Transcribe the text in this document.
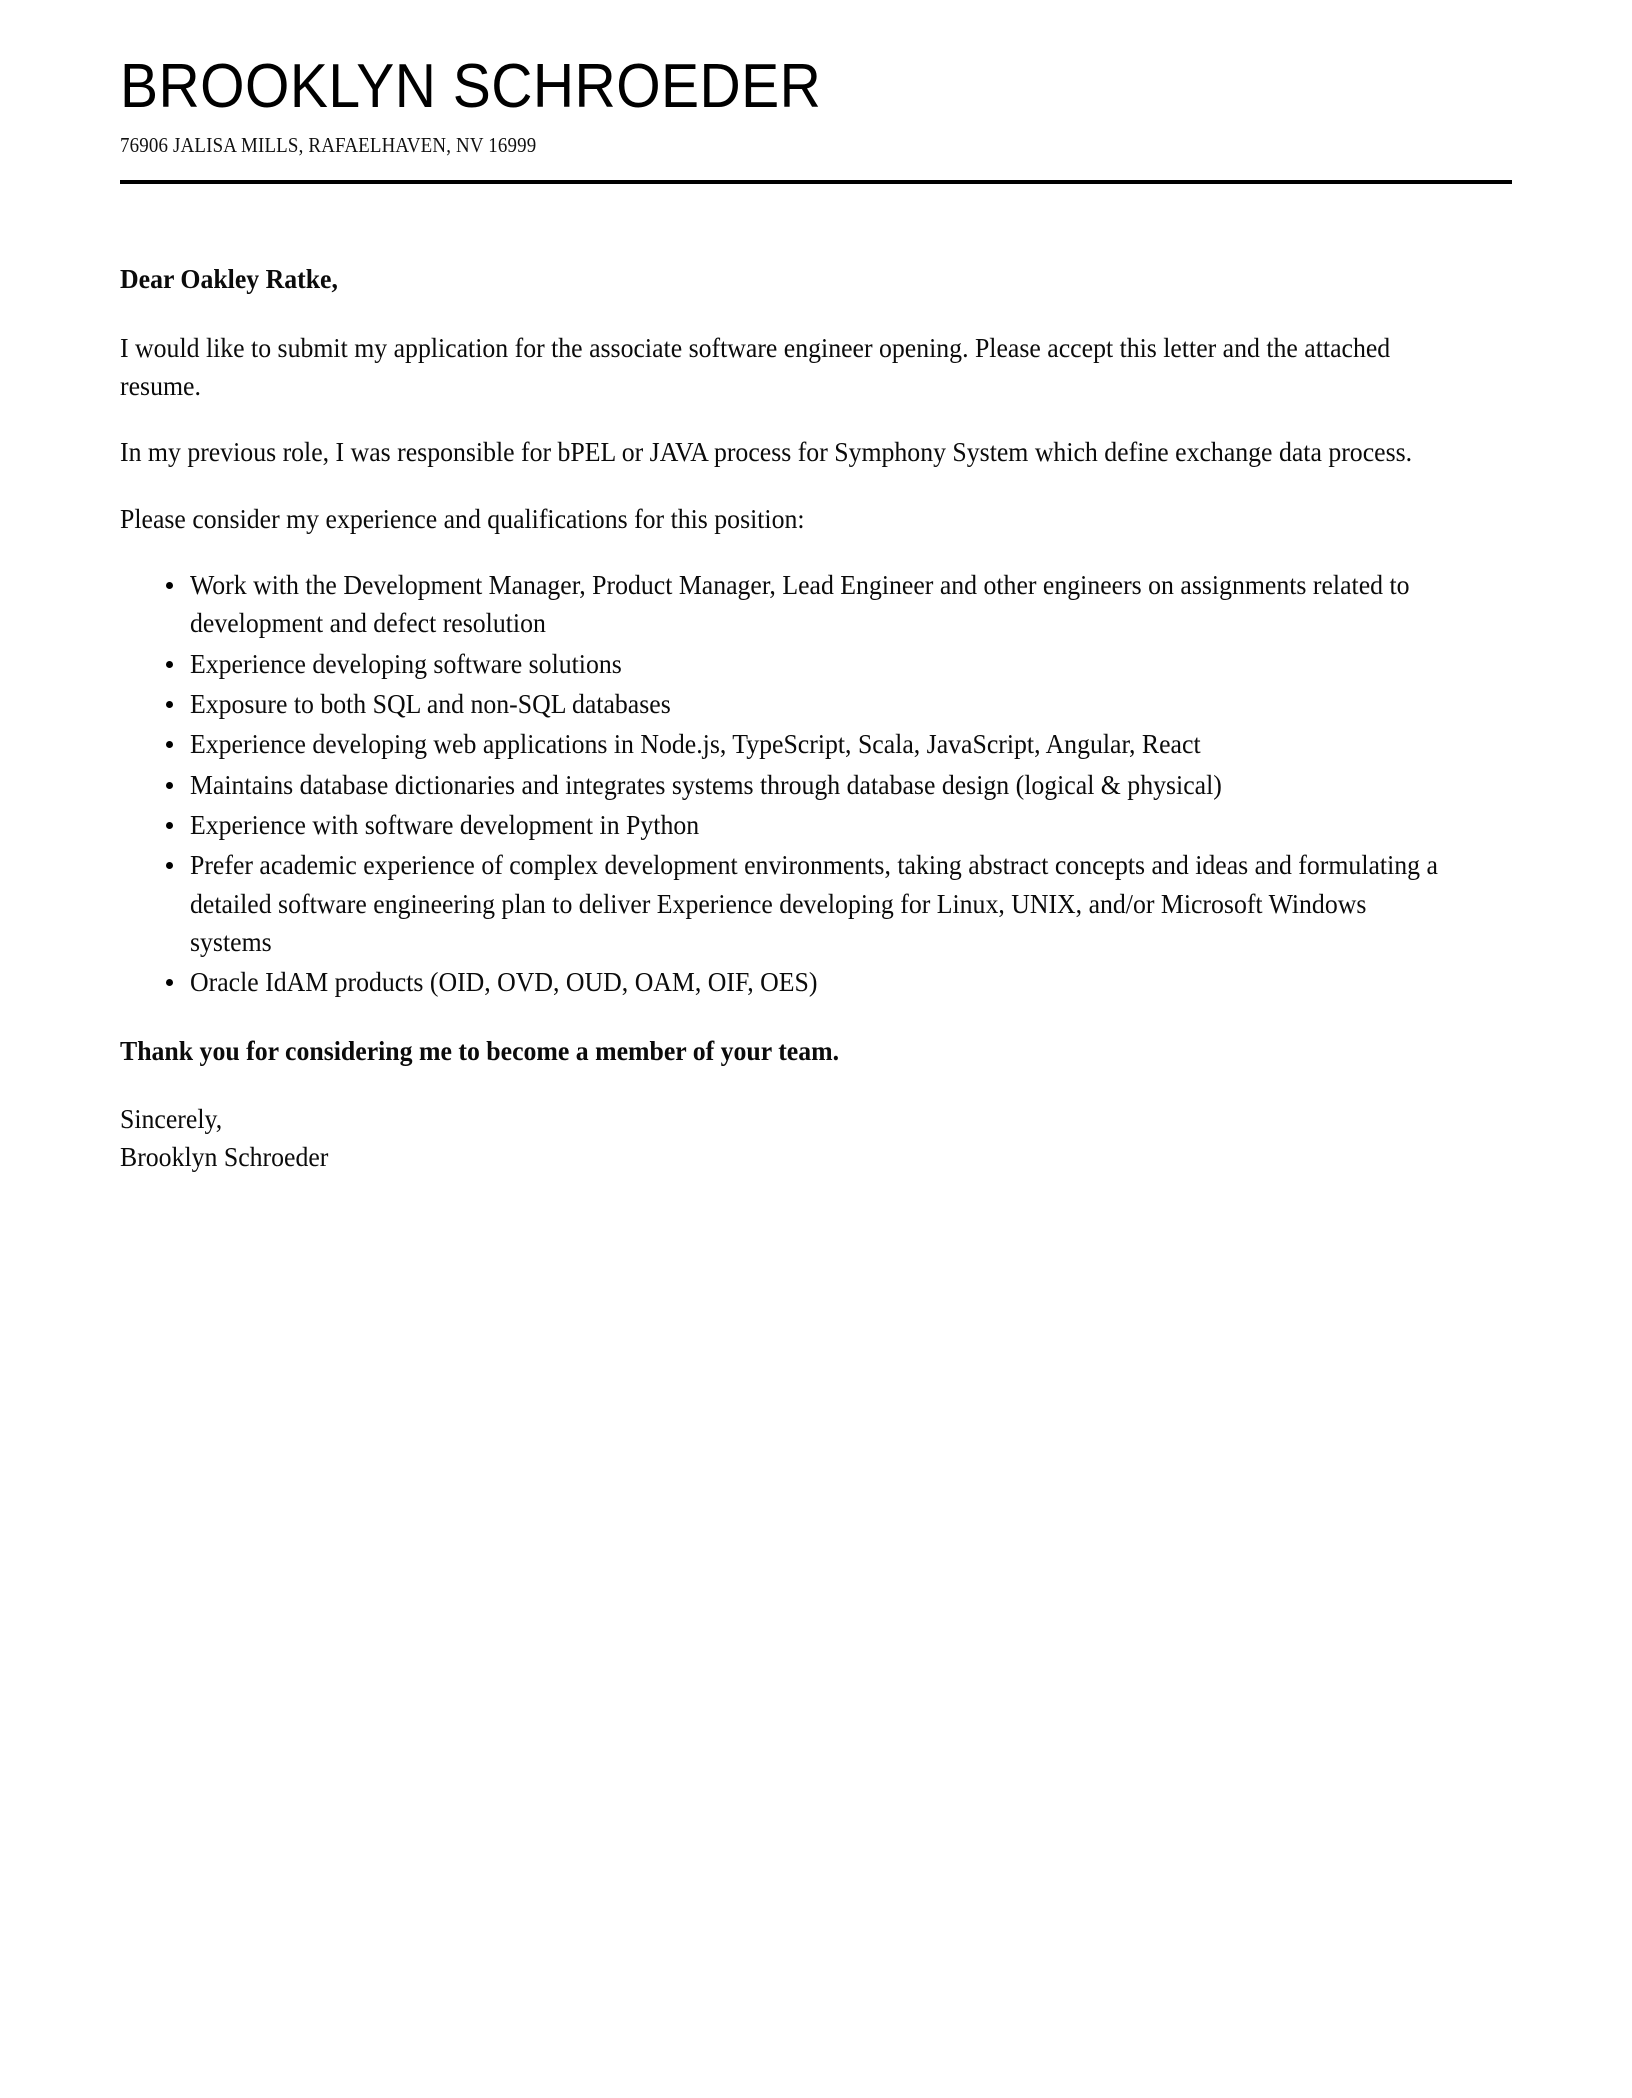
BROOKLYN SCHROEDER
76906 JALISA MILLS, RAFAELHAVEN, NV 16999
Dear Oakley Ratke,

I would like to submit my application for the associate software engineer opening. Please accept this letter and the attached resume.

In my previous role, I was responsible for bPEL or JAVA process for Symphony System which define exchange data process.

Please consider my experience and qualifications for this position:

Work with the Development Manager, Product Manager, Lead Engineer and other engineers on assignments related to development and defect resolution
Experience developing software solutions
Exposure to both SQL and non-SQL databases
Experience developing web applications in Node.js, TypeScript, Scala, JavaScript, Angular, React
Maintains database dictionaries and integrates systems through database design (logical & physical)
Experience with software development in Python
Prefer academic experience of complex development environments, taking abstract concepts and ideas and formulating a detailed software engineering plan to deliver Experience developing for Linux, UNIX, and/or Microsoft Windows systems
Oracle IdAM products (OID, OVD, OUD, OAM, OIF, OES)
Thank you for considering me to become a member of your team.
Sincerely,
Brooklyn Schroeder
